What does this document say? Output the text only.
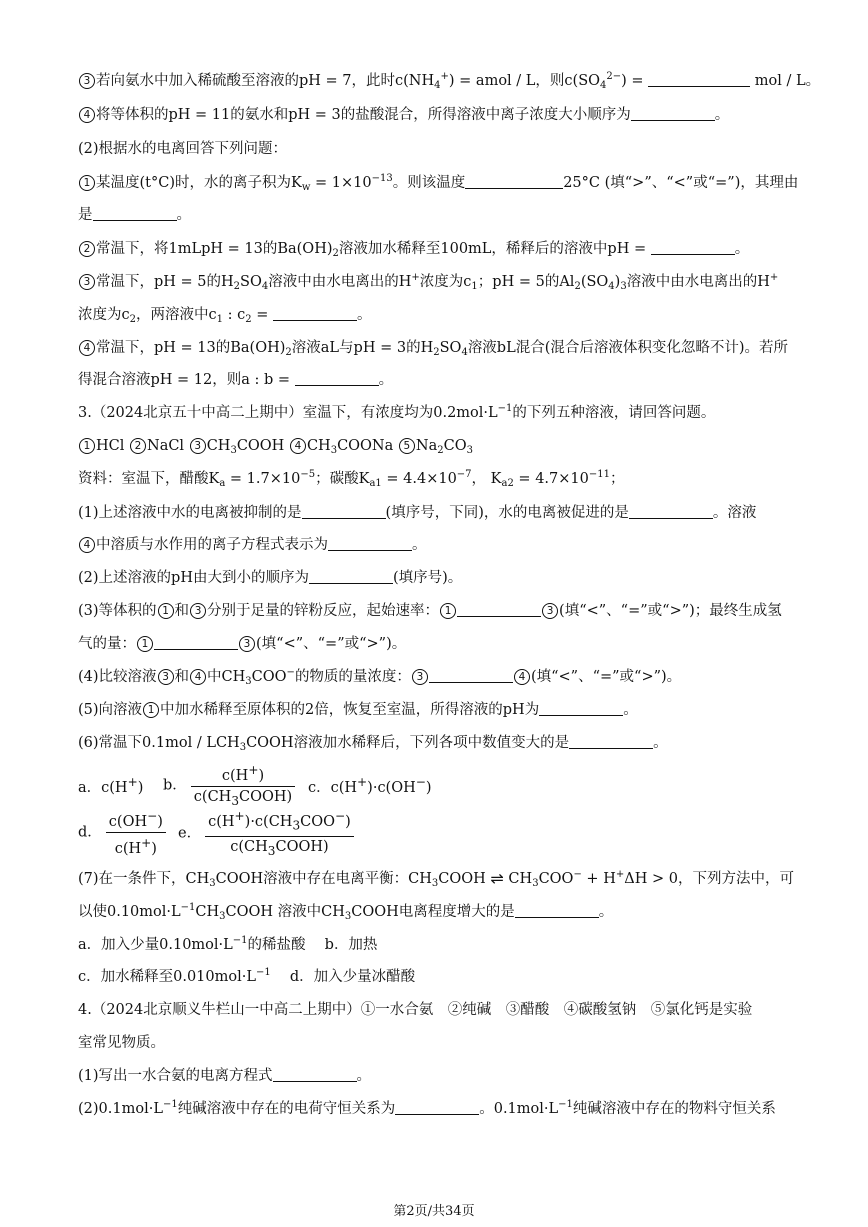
3 若向氨水中加入稀硫酸至溶液的pH = 7，此时$c(NH_4^+)$ = amol / L，则$c(SO_4^{2-})$ =	mol / L。
4 将等体积的pH = 11的氨水和pH = 3的盐酸混合，所得溶液中离子浓度大小顺序为	。
(2)根据水的电离回答下列问题：
1 某温度(t°C)时，水的离子积为$K_w = 1\times 10^{-13}$。则该温度	25°C (填“>”、“<”或“=”)，其理由
是	。
2 常温下，将1mLpH = 13的$Ba(OH)_2$溶液加水稀释至100mL，稀释后的溶液中pH =	。
3 常温下，pH = 5的$H_2SO_4$溶液中由水电离出的H+浓度为$c_1$；pH = 5的$Al_2(SO_4)_3$溶液中由水电离出的H+
浓度为$c_2$，两溶液中$c_1$ : $c_2$ =	。
4 常温下，pH = 13的$Ba(OH)_2$溶液aL与pH = 3的$H_2SO_4$溶液bL混合(混合后溶液体积变化忽略不计)。若所
得混合溶液pH = 12，则a : b =	。
3.（2024北京五十中高二上期中）室温下，有浓度均为$0.2mol\cdot L^{-1}$的下列五种溶液，请回答问题。
1 HCl 2 NaCl 3 $CH_3COOH$ 4 $CH_3COONa$ 5 $Na_2CO_3$
资料：室温下，醋酸$K_a = 1.7\times 10^{-5}$；碳酸$K_{a1} = 4.4\times 10^{-7}$， $K_{a2} = 4.7\times 10^{-11}$；
(1)上述溶液中水的电离被抑制的是	(填序号，下同)，水的电离被促进的是	。溶液
4 中溶质与水作用的离子方程式表示为	。
(2)上述溶液的pH由大到小的顺序为	(填序号)。
(3)等体积的 1 和 3 分别于足量的锌粉反应，起始速率： 1	3 (填“<”、“=”或“>”)；最终生成氢
气的量： 1	3 (填“<”、“=”或“>”)。
(4)比较溶液 3 和 4 中$CH_3COO^-$的物质的量浓度： 3	4 (填“<”、“=”或“>”)。
(5)向溶液 1 中加水稀释至原体积的2倍，恢复至室温，所得溶液的pH为	。
(6)常温下$0.1mol / LCH_3COOH$溶液加水稀释后，下列各项中数值变大的是	。
a．c(H+) b． $\frac{c(H^+)}{c(CH_3COOH)}$ c．c(H+)·c(OH−)
d． $\frac{c(OH^-)}{c(H^+)}$ e． $\frac{c(H^+)\cdot c(CH_3COO^-)}{c(CH_3COOH)}$
(7)在一条件下，$CH_3COOH$溶液中存在电离平衡：$CH_3COOH$ ⇌ $CH_3COO^- + H^+\Delta H > 0$，下列方法中，可
以使$0.10mol\cdot L^{-1}CH_3COOH$ 溶液中$CH_3COOH$电离程度增大的是	。
a．加入少量$0.10mol\cdot L^{-1}$的稀盐酸　 b．加热
c．加水稀释至$0.010mol\cdot L^{-1}$　 d．加入少量冰醋酸
4.（2024北京顺义牛栏山一中高二上期中）①一水合氨　②纯碱　③醋酸　④碳酸氢钠　⑤氯化钙是实验
室常见物质。
(1)写出一水合氨的电离方程式	。
$(2)0.1mol\cdot L^{-1}$纯碱溶液中存在的电荷守恒关系为	。$0.1mol\cdot L^{-1}$纯碱溶液中存在的物料守恒关系
第2页/共34页
